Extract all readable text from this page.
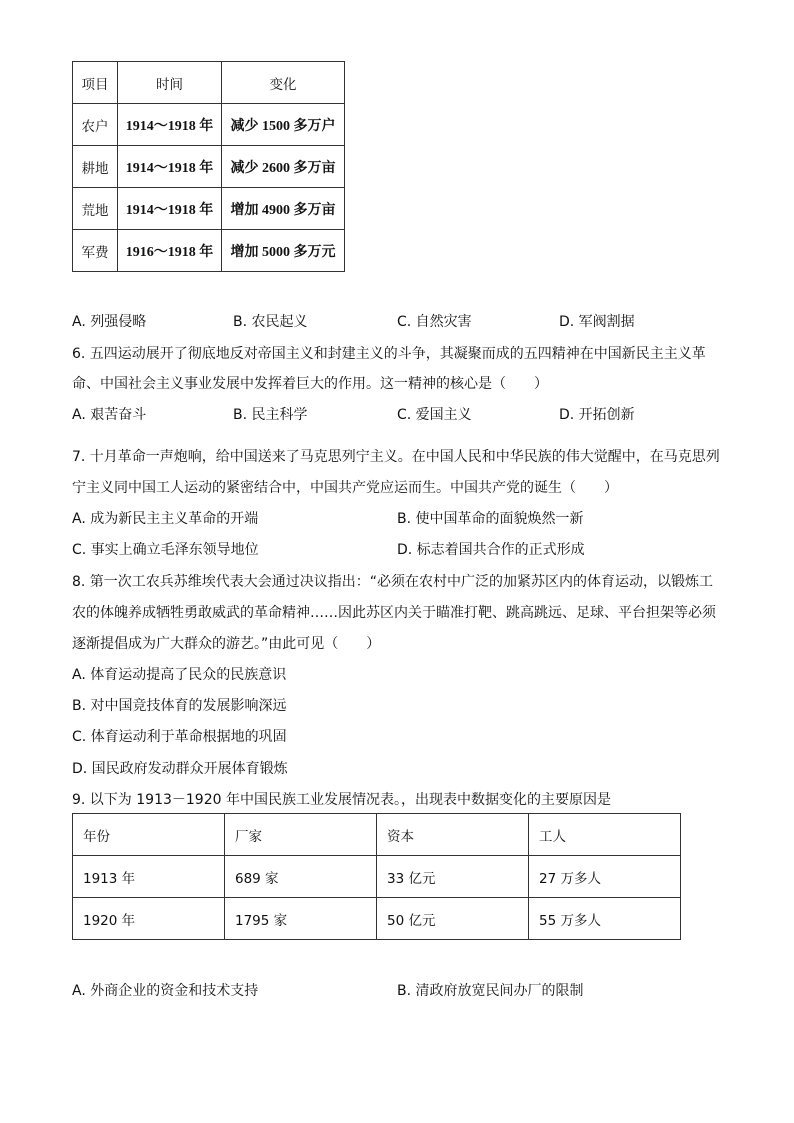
项目	时间	变化
农户	1914～1918 年	减少 1500 多万户
耕地	1914～1918 年	减少 2600 多万亩
荒地	1914～1918 年	增加 4900 多万亩
军费	1916～1918 年	增加 5000 多万元
A. 列强侵略	B. 农民起义	C. 自然灾害	D. 军阀割据
6. 五四运动展开了彻底地反对帝国主义和封建主义的斗争，其凝聚而成的五四精神在中国新民主主义革
命、中国社会主义事业发展中发挥着巨大的作用。这一精神的核心是（　　）
A. 艰苦奋斗	B. 民主科学	C. 爱国主义	D. 开拓创新
7. 十月革命一声炮响，给中国送来了马克思列宁主义。在中国人民和中华民族的伟大觉醒中，在马克思列
宁主义同中国工人运动的紧密结合中，中国共产党应运而生。中国共产党的诞生（　　）
A. 成为新民主主义革命的开端	B. 使中国革命的面貌焕然一新
C. 事实上确立毛泽东领导地位	D. 标志着国共合作的正式形成
8. 第一次工农兵苏维埃代表大会通过决议指出：“必须在农村中广泛的加紧苏区内的体育运动，以锻炼工
农的体魄养成牺牲勇敢威武的革命精神……因此苏区内关于瞄准打靶、跳高跳远、足球、平台担架等必须
逐渐提倡成为广大群众的游艺。”由此可见（　　）
A. 体育运动提高了民众的民族意识
B. 对中国竞技体育的发展影响深远
C. 体育运动利于革命根据地的巩固
D. 国民政府发动群众开展体育锻炼
9. 以下为 1913－1920 年中国民族工业发展情况表。，出现表中数据变化的主要原因是
年份	厂家	资本	工人
1913 年	689 家	33 亿元	27 万多人
1920 年	1795 家	50 亿元	55 万多人
A. 外商企业的资金和技术支持	B. 清政府放宽民间办厂的限制
